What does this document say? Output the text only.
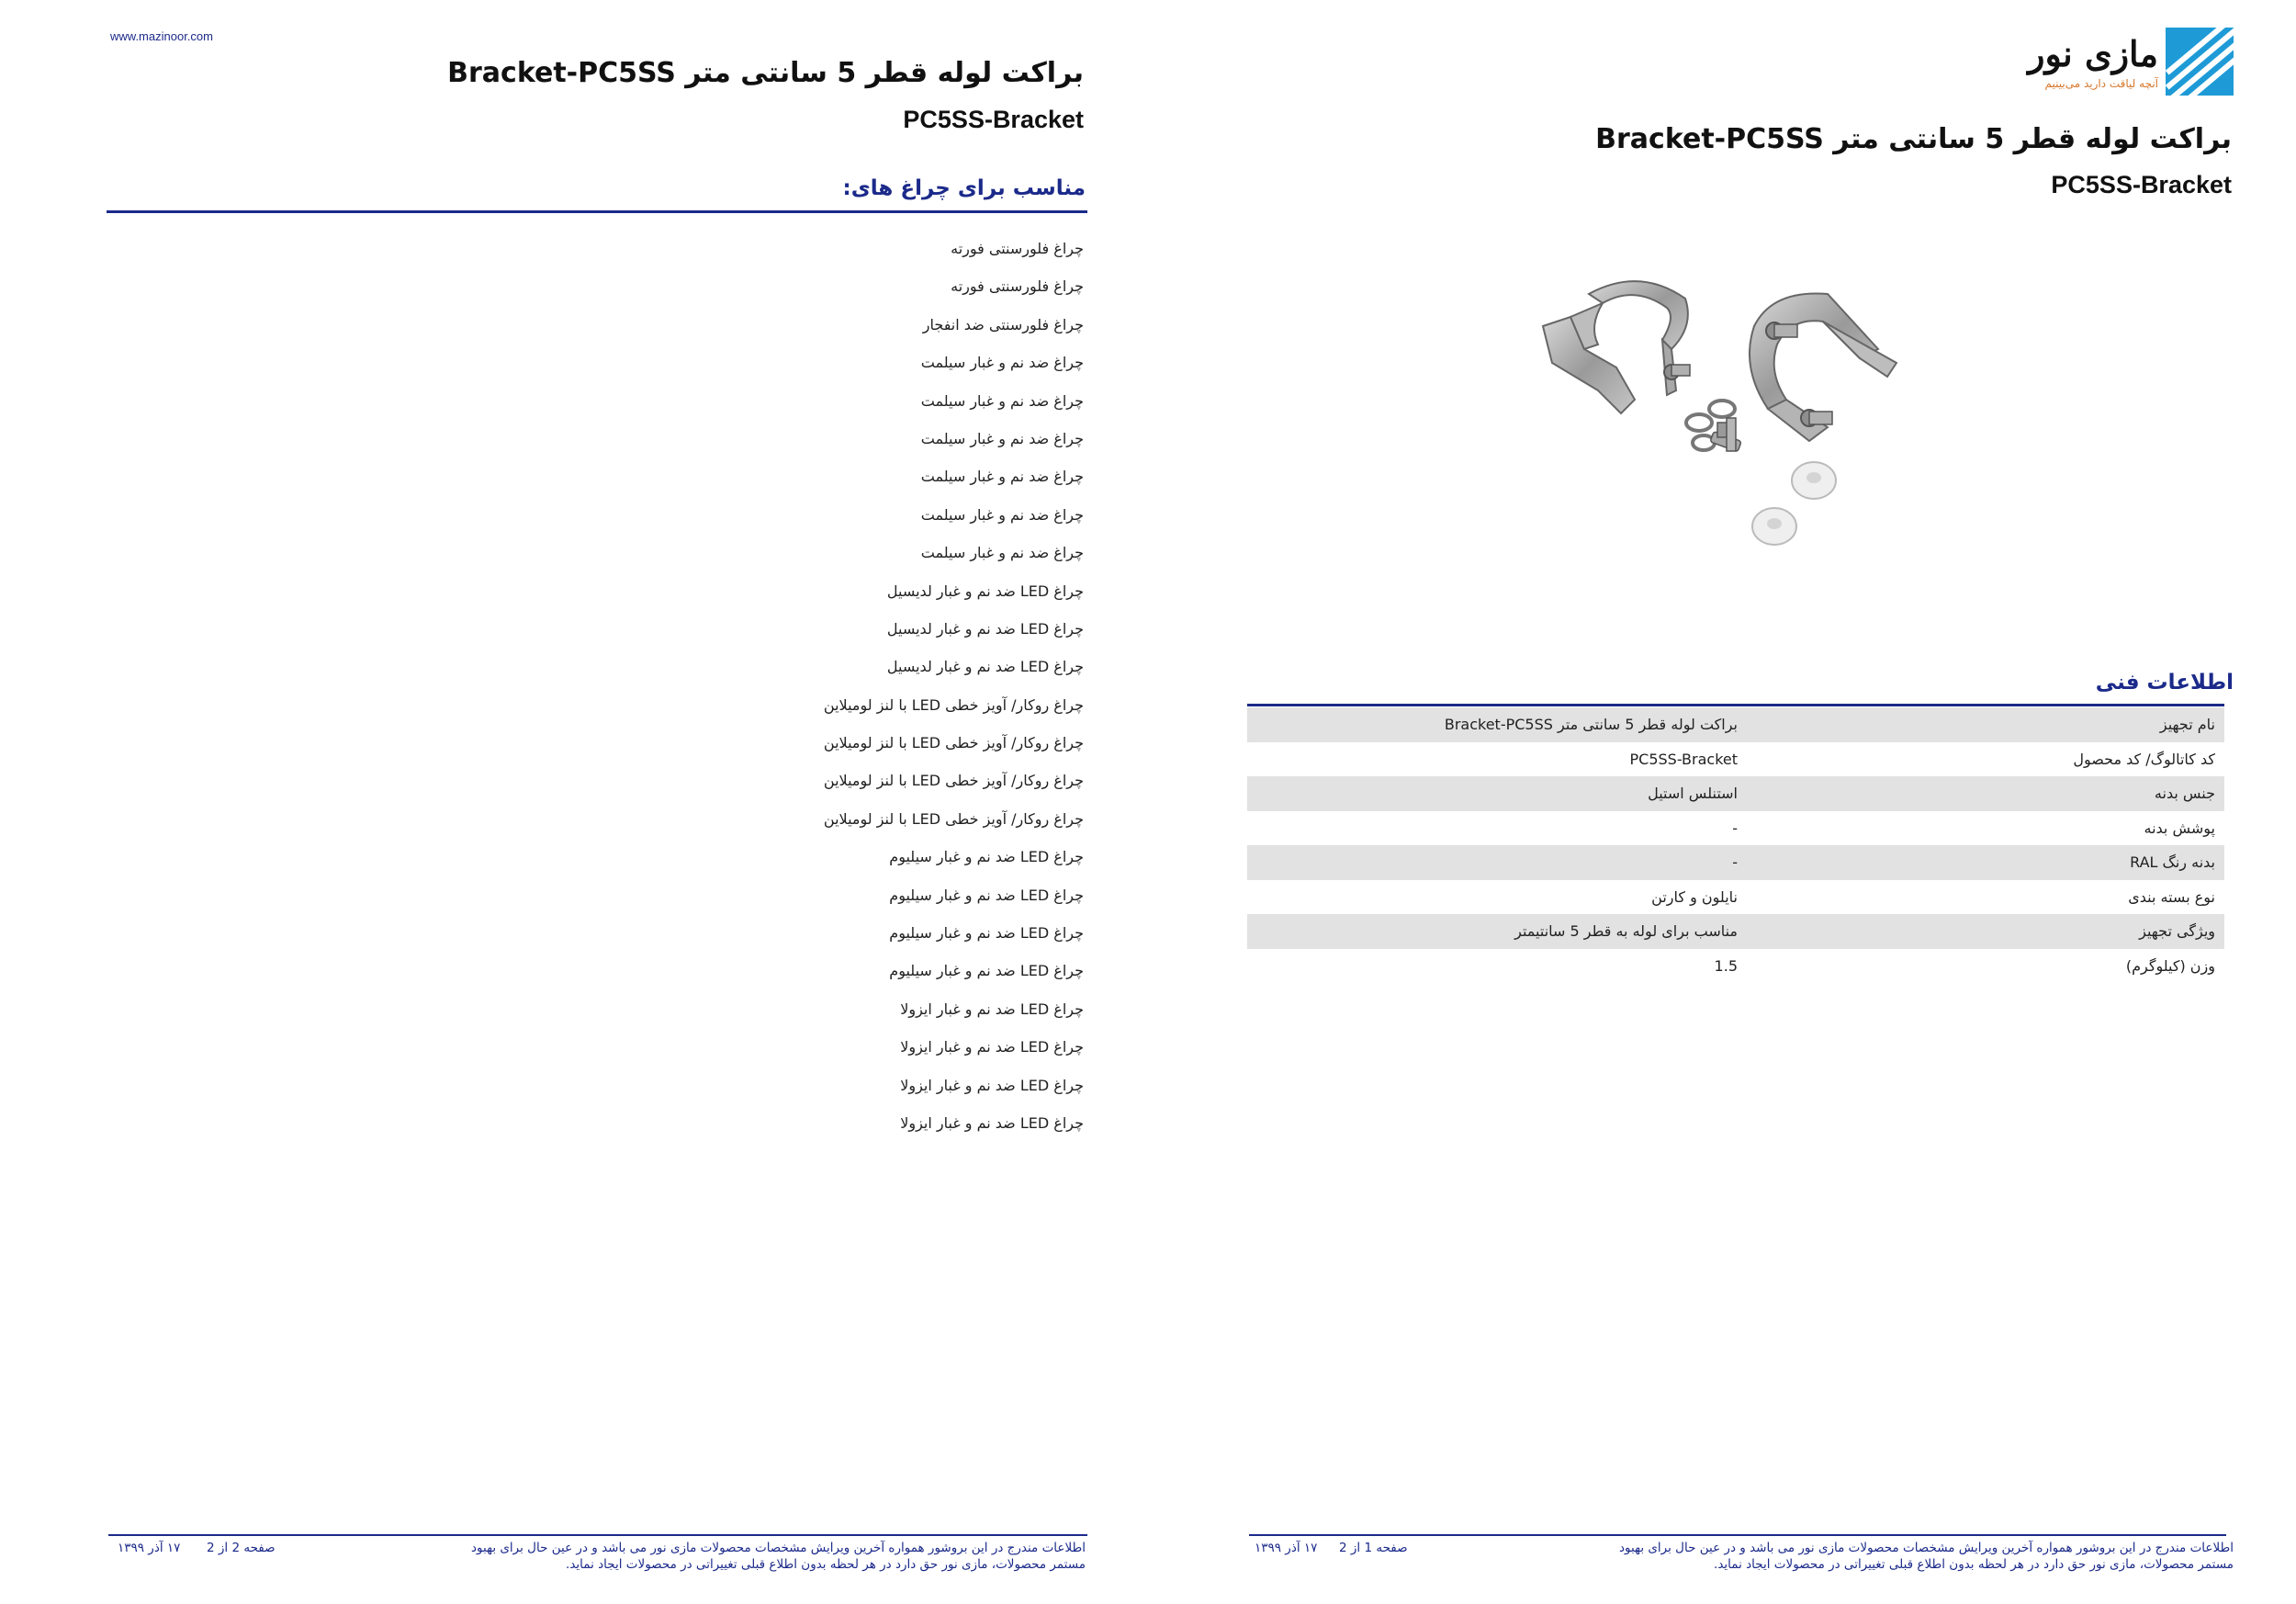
www.mazinoor.com
براکت لوله قطر 5 سانتی متر Bracket-PC5SS
PC5SS-Bracket
مناسب برای چراغ های:
چراغ فلورسنتی فورته
چراغ فلورسنتی فورته
چراغ فلورسنتی ضد انفجار
چراغ ضد نم و غبار سیلمت
چراغ ضد نم و غبار سیلمت
چراغ ضد نم و غبار سیلمت
چراغ ضد نم و غبار سیلمت
چراغ ضد نم و غبار سیلمت
چراغ ضد نم و غبار سیلمت
چراغ LED ضد نم و غبار لدیسیل
چراغ LED ضد نم و غبار لدیسیل
چراغ LED ضد نم و غبار لدیسیل
چراغ روکار/ آویز خطی LED با لنز لومیلاین
چراغ روکار/ آویز خطی LED با لنز لومیلاین
چراغ روکار/ آویز خطی LED با لنز لومیلاین
چراغ روکار/ آویز خطی LED با لنز لومیلاین
چراغ LED ضد نم و غبار سیلیوم
چراغ LED ضد نم و غبار سیلیوم
چراغ LED ضد نم و غبار سیلیوم
چراغ LED ضد نم و غبار سیلیوم
چراغ LED ضد نم و غبار ایزولا
چراغ LED ضد نم و غبار ایزولا
چراغ LED ضد نم و غبار ایزولا
چراغ LED ضد نم و غبار ایزولا
اطلاعات مندرج در این بروشور همواره آخرین ویرایش مشخصات محصولات مازی نور می باشد و در عین حال برای بهبود مستمر محصولات، مازی نور حق دارد در هر لحظه بدون اطلاع قبلی تغییراتی در محصولات ایجاد نماید.
صفحه 2 از 2
۱۷ آذر ۱۳۹۹
مازی نور
آنچه لیاقت دارید می‌بینیم
براکت لوله قطر 5 سانتی متر Bracket-PC5SS
PC5SS-Bracket
اطلاعات فنی
نام تجهیز	براکت لوله قطر 5 سانتی متر Bracket-PC5SS
کد کاتالوگ/ کد محصول	PC5SS-Bracket
جنس بدنه	استنلس استیل
پوشش بدنه	-
بدنه رنگ RAL	-
نوع بسته بندی	نایلون و کارتن
ویژگی تجهیز	مناسب برای لوله به قطر 5 سانتیمتر
وزن (کیلوگرم)	1.5
اطلاعات مندرج در این بروشور همواره آخرین ویرایش مشخصات محصولات مازی نور می باشد و در عین حال برای بهبود مستمر محصولات، مازی نور حق دارد در هر لحظه بدون اطلاع قبلی تغییراتی در محصولات ایجاد نماید.
صفحه 1 از 2
۱۷ آذر ۱۳۹۹
